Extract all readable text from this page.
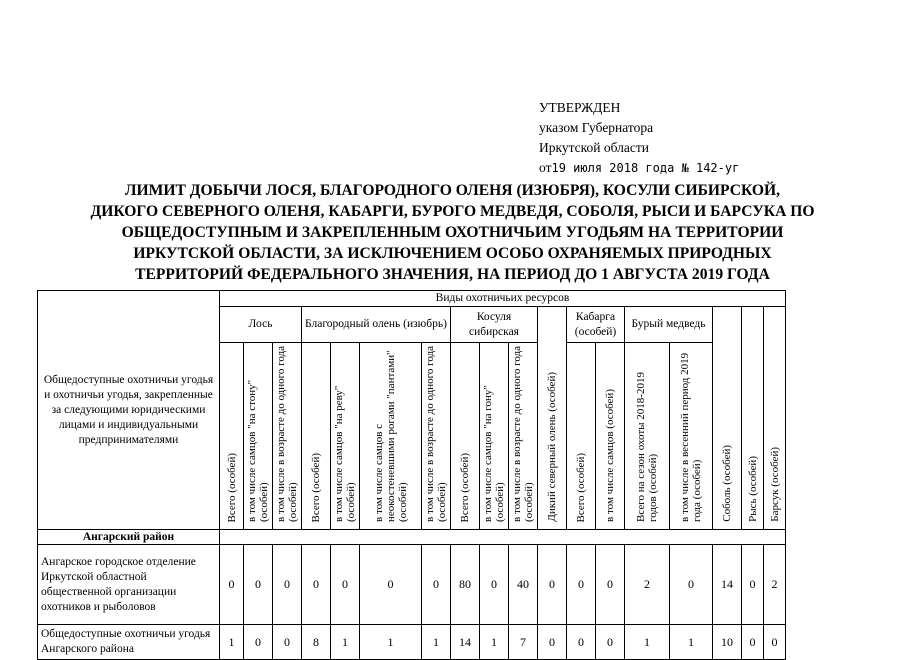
УТВЕРЖДЕН
указом Губернатора
Иркутской области
от19 июля 2018 года № 142-уг
ЛИМИТ ДОБЫЧИ ЛОСЯ, БЛАГОРОДНОГО ОЛЕНЯ (ИЗЮБРЯ), КОСУЛИ СИБИРСКОЙ,
ДИКОГО СЕВЕРНОГО ОЛЕНЯ, КАБАРГИ, БУРОГО МЕДВЕДЯ, СОБОЛЯ, РЫСИ И БАРСУКА ПО
ОБЩЕДОСТУПНЫМ И ЗАКРЕПЛЕННЫМ ОХОТНИЧЬИМ УГОДЬЯМ НА ТЕРРИТОРИИ
ИРКУТСКОЙ ОБЛАСТИ, ЗА ИСКЛЮЧЕНИЕМ ОСОБО ОХРАНЯЕМЫХ ПРИРОДНЫХ
ТЕРРИТОРИЙ ФЕДЕРАЛЬНОГО ЗНАЧЕНИЯ, НА ПЕРИОД ДО 1 АВГУСТА 2019 ГОДА
Общедоступные охотничьи угодья и охотничьи угодья, закрепленные за следующими юридическими лицами и индивидуальными предпринимателями	Виды охотничьих ресурсов																	
	Лось			Благородный олень (изюбрь)				Косуля сибирская			Дикий северный олень (особей)	Кабарга (особей)		Бурый медведь		Соболь (особей)	Рысь (особей)	Барсук (особей)
	Всего (особей)	в том числе самцов "на стону" (особей)	в том числе в возрасте до одного года (особей)	Всего (особей)	в том числе самцов "на реву" (особей)	в том числе самцов с неокостеневшими рогами "пантами" (особей)	в том числе в возрасте до одного года (особей)	Всего (особей)	в том числе самцов "на гону" (особей)	в том числе в возрасте до одного года (особей)		Всего (особей)	в том числе самцов (особей)	Всего на сезон охоты 2018-2019 годов (особей)	в том числе в весенний период 2019 года (особей)			
Ангарский район																		
Ангарское городское отделение Иркутской областной общественной организации охотников и рыболовов	0	0	0	0	0	0	0	80	0	40	0	0	0	2	0	14	0	2
Общедоступные охотничьи угодья Ангарского района	1	0	0	8	1	1	1	14	1	7	0	0	0	1	1	10	0	0
